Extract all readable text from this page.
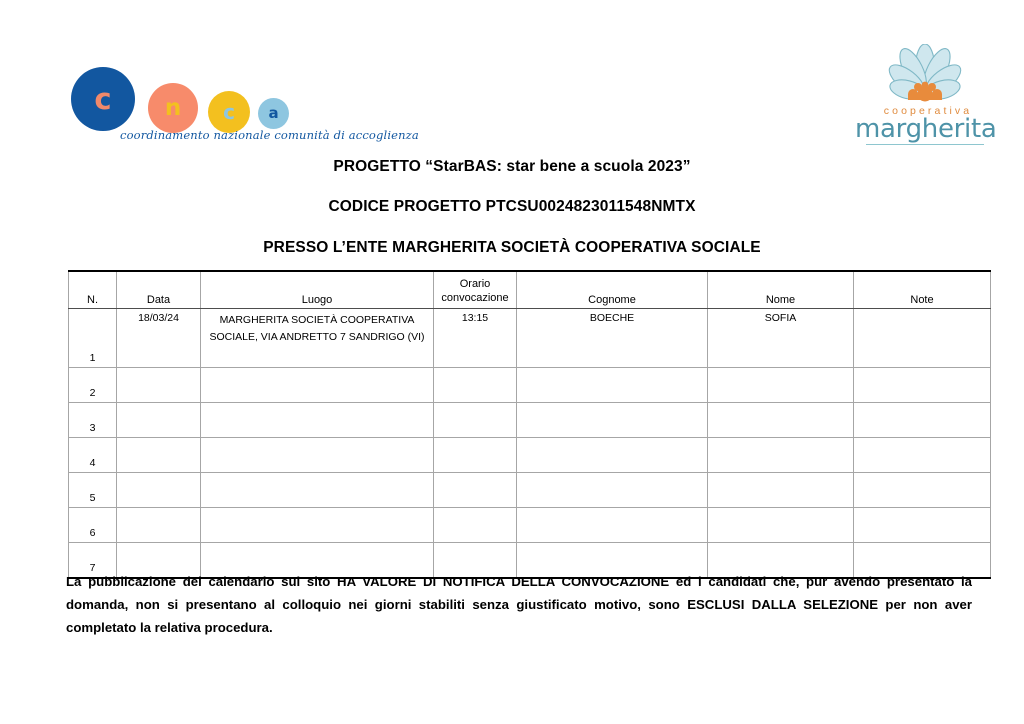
c	n	c	a
coordinamento nazionale comunità di accoglienza
cooperativa
margherita
PROGETTO “StarBAS: star bene a scuola 2023”
CODICE PROGETTO PTCSU0024823011548NMTX
PRESSO L’ENTE MARGHERITA SOCIETÀ COOPERATIVA SOCIALE
N.	Data	Luogo	Orario
convocazione	Cognome	Nome	Note
1	18/03/24	MARGHERITA SOCIETÀ COOPERATIVA
SOCIALE, VIA ANDRETTO 7 SANDRIGO (VI)	13:15	BOECHE	SOFIA	
2						
3						
4						
5						
6						
7						
La pubblicazione del calendario sul sito HA VALORE DI NOTIFICA DELLA CONVOCAZIONE ed i candidati che, pur avendo presentato la domanda, non si presentano al colloquio nei giorni stabiliti senza giustificato motivo, sono ESCLUSI DALLA SELEZIONE per non aver completato la relativa procedura.
